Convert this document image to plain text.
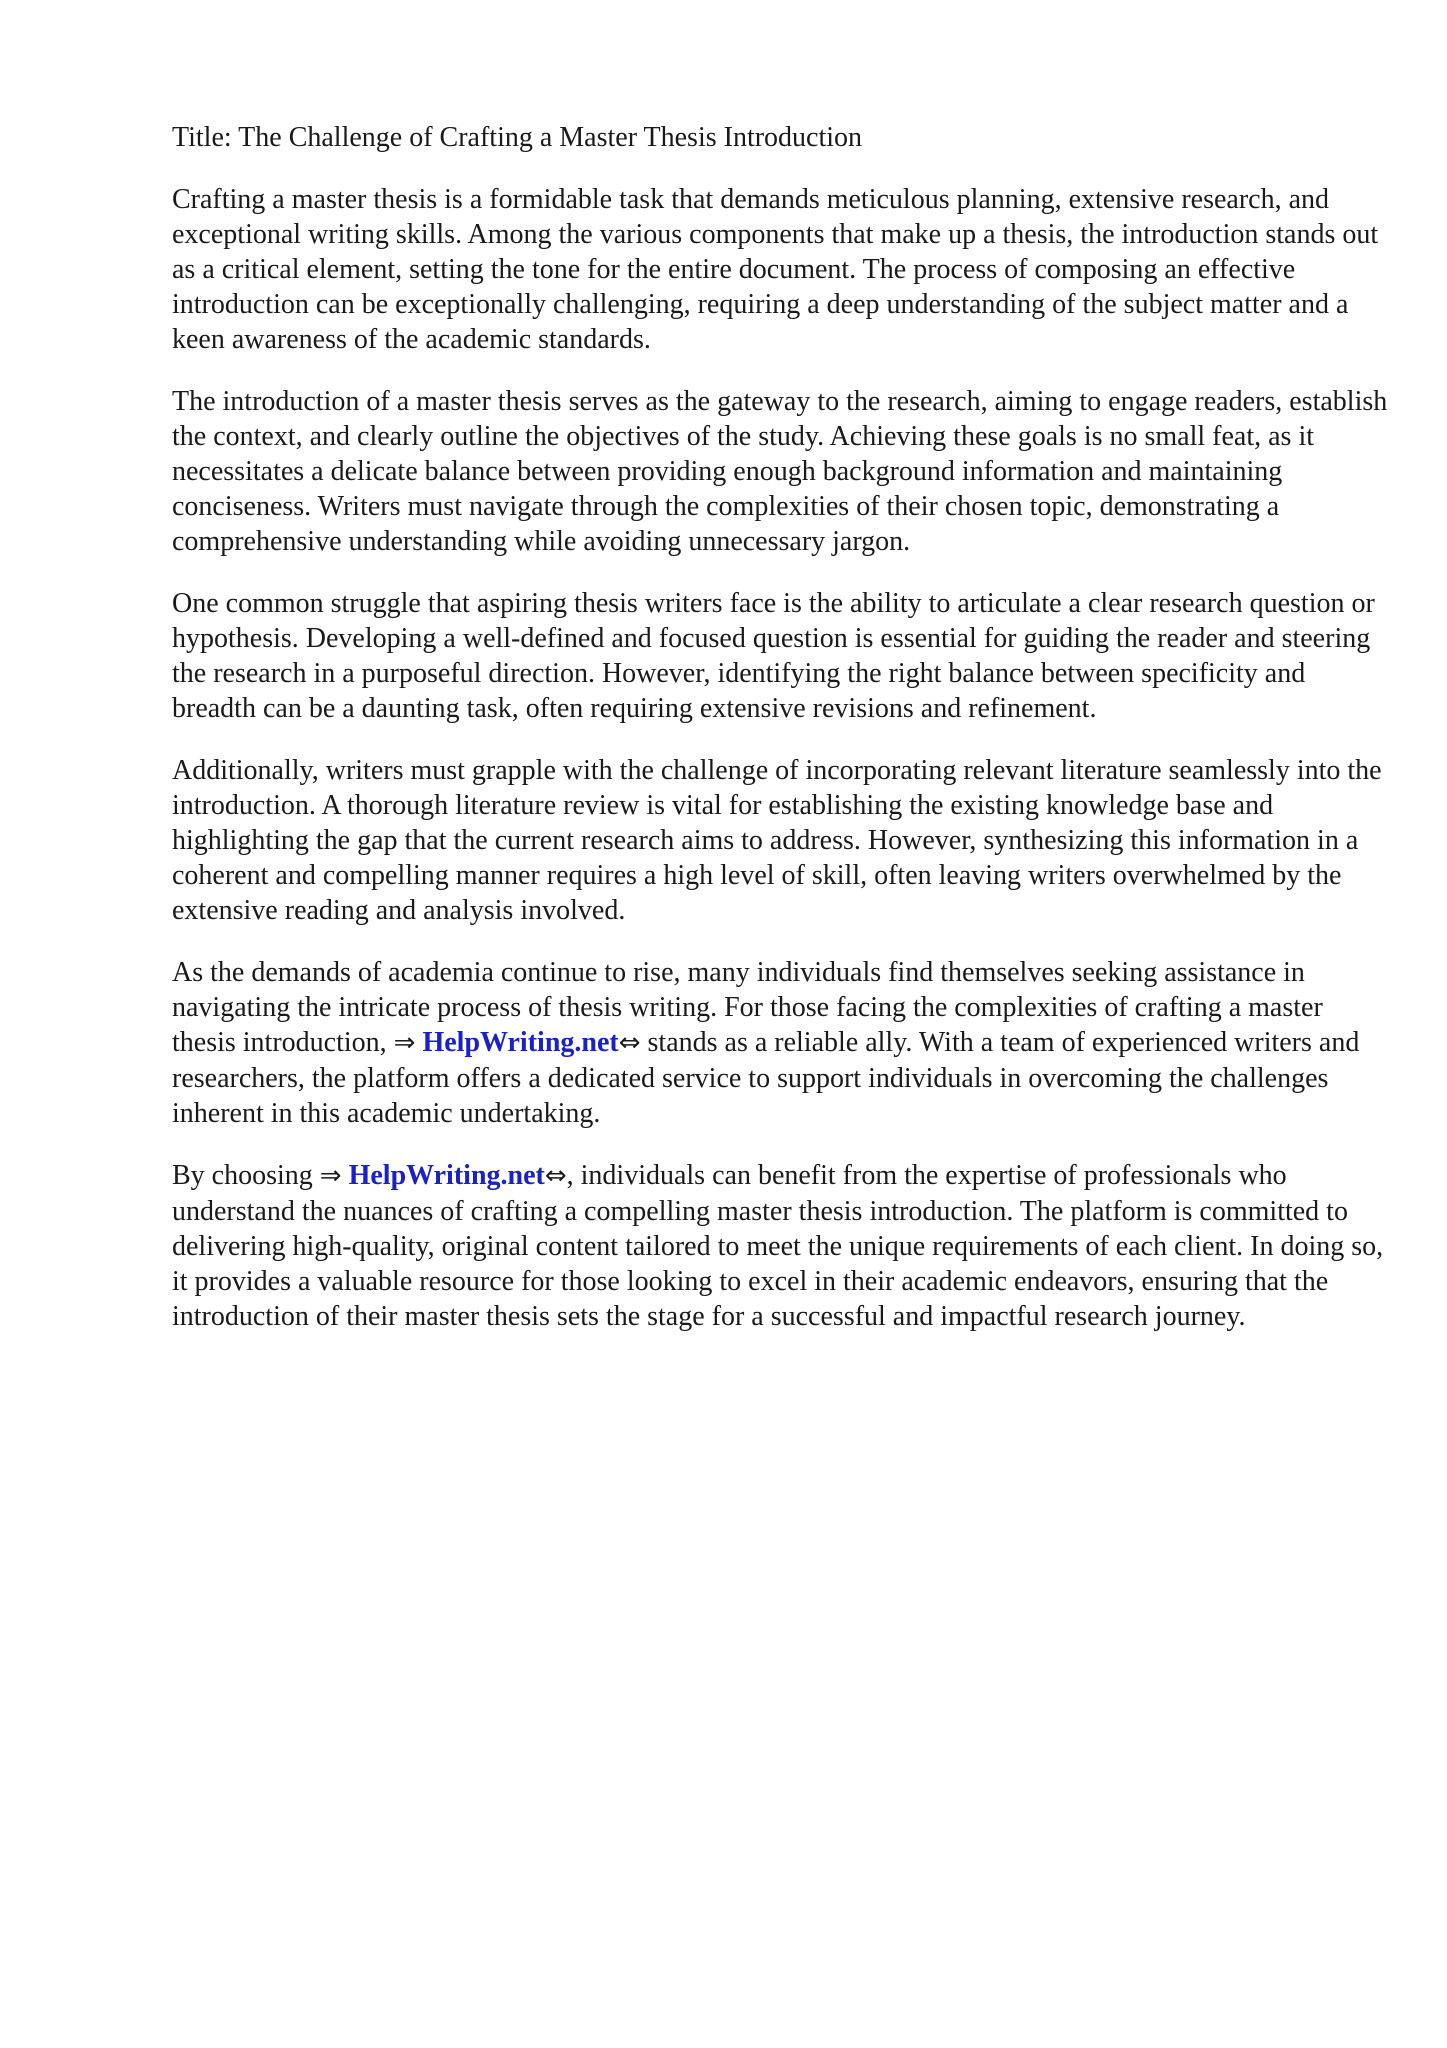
Title: The Challenge of Crafting a Master Thesis Introduction

Crafting a master thesis is a formidable task that demands meticulous planning, extensive research, and exceptional writing skills. Among the various components that make up a thesis, the introduction stands out as a critical element, setting the tone for the entire document. The process of composing an effective introduction can be exceptionally challenging, requiring a deep understanding of the subject matter and a keen awareness of the academic standards.

The introduction of a master thesis serves as the gateway to the research, aiming to engage readers, establish the context, and clearly outline the objectives of the study. Achieving these goals is no small feat, as it necessitates a delicate balance between providing enough background information and maintaining conciseness. Writers must navigate through the complexities of their chosen topic, demonstrating a comprehensive understanding while avoiding unnecessary jargon.

One common struggle that aspiring thesis writers face is the ability to articulate a clear research question or hypothesis. Developing a well-defined and focused question is essential for guiding the reader and steering the research in a purposeful direction. However, identifying the right balance between specificity and breadth can be a daunting task, often requiring extensive revisions and refinement.

Additionally, writers must grapple with the challenge of incorporating relevant literature seamlessly into the introduction. A thorough literature review is vital for establishing the existing knowledge base and highlighting the gap that the current research aims to address. However, synthesizing this information in a coherent and compelling manner requires a high level of skill, often leaving writers overwhelmed by the extensive reading and analysis involved.

As the demands of academia continue to rise, many individuals find themselves seeking assistance in navigating the intricate process of thesis writing. For those facing the complexities of crafting a master thesis introduction, ⇒ HelpWriting.net⇔ stands as a reliable ally. With a team of experienced writers and researchers, the platform offers a dedicated service to support individuals in overcoming the challenges inherent in this academic undertaking.

By choosing ⇒ HelpWriting.net⇔, individuals can benefit from the expertise of professionals who understand the nuances of crafting a compelling master thesis introduction. The platform is committed to delivering high-quality, original content tailored to meet the unique requirements of each client. In doing so, it provides a valuable resource for those looking to excel in their academic endeavors, ensuring that the introduction of their master thesis sets the stage for a successful and impactful research journey.
